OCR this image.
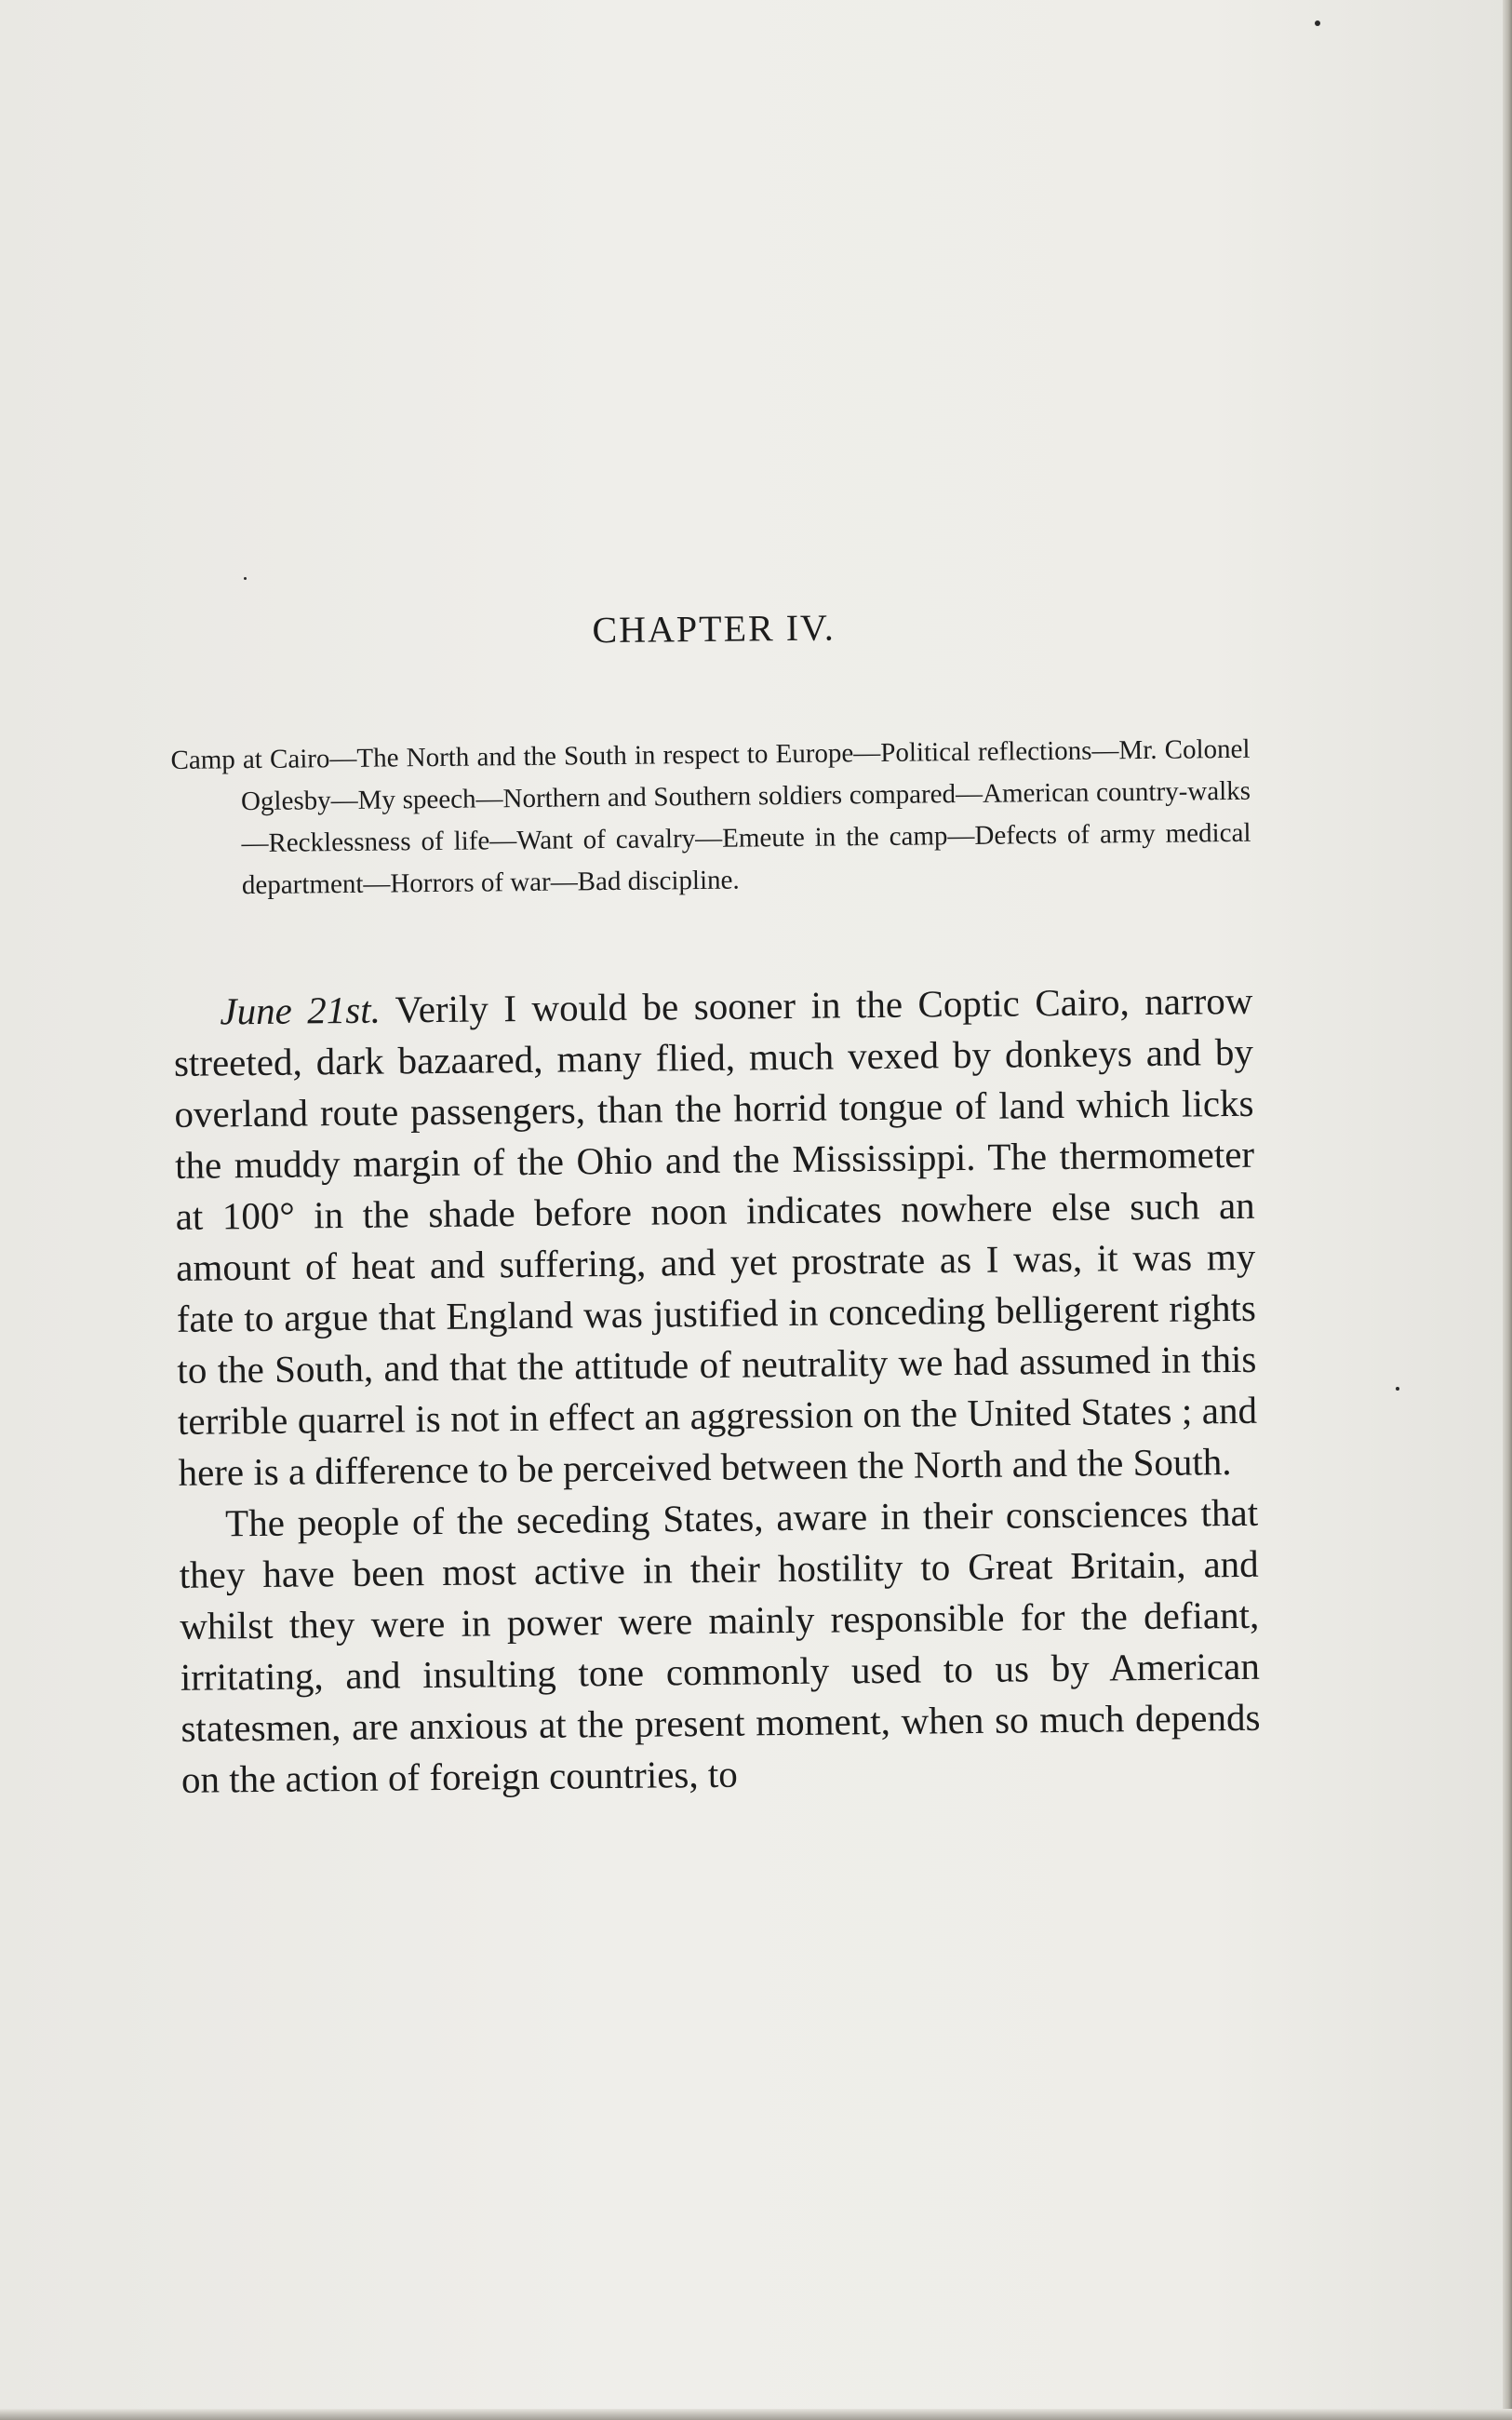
CHAPTER IV.

Camp at Cairo—The North and the South in respect to Europe—Political reflections—Mr. Colonel Oglesby—My speech—Northern and Southern soldiers compared—American country-walks—Recklessness of life—Want of cavalry—Emeute in the camp—Defects of army medical department—Horrors of war—Bad discipline.

June 21st. Verily I would be sooner in the Coptic Cairo, narrow streeted, dark bazaared, many flied, much vexed by donkeys and by overland route passengers, than the horrid tongue of land which licks the muddy margin of the Ohio and the Mississippi. The thermometer at 100° in the shade before noon indicates nowhere else such an amount of heat and suffering, and yet prostrate as I was, it was my fate to argue that England was justified in conceding belligerent rights to the South, and that the attitude of neutrality we had assumed in this terrible quarrel is not in effect an aggression on the United States ; and here is a difference to be perceived between the North and the South.

The people of the seceding States, aware in their consciences that they have been most active in their hostility to Great Britain, and whilst they were in power were mainly responsible for the defiant, irritating, and insulting tone commonly used to us by American statesmen, are anxious at the present moment, when so much depends on the action of foreign countries, to
